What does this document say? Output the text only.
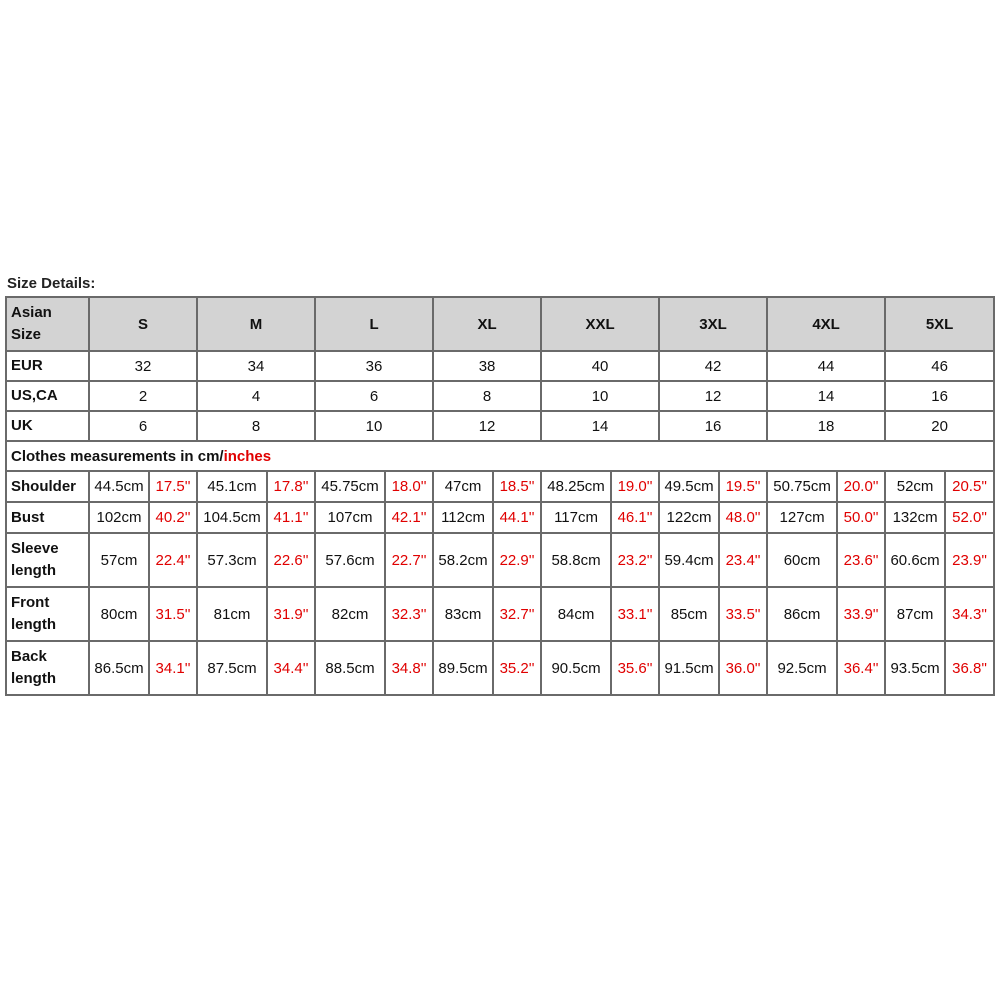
Size Details:
Asian Size	S		M		L		XL		XXL		3XL		4XL		5XL	
EUR	32		34		36		38		40		42		44		46	
US,CA	2		4		6		8		10		12		14		16	
UK	6		8		10		12		14		16		18		20	
Clothes measurements in cm/inches																
Shoulder	44.5cm	17.5''	45.1cm	17.8''	45.75cm	18.0''	47cm	18.5''	48.25cm	19.0''	49.5cm	19.5''	50.75cm	20.0''	52cm	20.5''
Bust	102cm	40.2''	104.5cm	41.1''	107cm	42.1''	112cm	44.1''	117cm	46.1''	122cm	48.0''	127cm	50.0''	132cm	52.0''
Sleeve length	57cm	22.4''	57.3cm	22.6''	57.6cm	22.7''	58.2cm	22.9''	58.8cm	23.2''	59.4cm	23.4''	60cm	23.6''	60.6cm	23.9''
Front length	80cm	31.5''	81cm	31.9''	82cm	32.3''	83cm	32.7''	84cm	33.1''	85cm	33.5''	86cm	33.9''	87cm	34.3''
Back length	86.5cm	34.1''	87.5cm	34.4''	88.5cm	34.8''	89.5cm	35.2''	90.5cm	35.6''	91.5cm	36.0''	92.5cm	36.4''	93.5cm	36.8''
